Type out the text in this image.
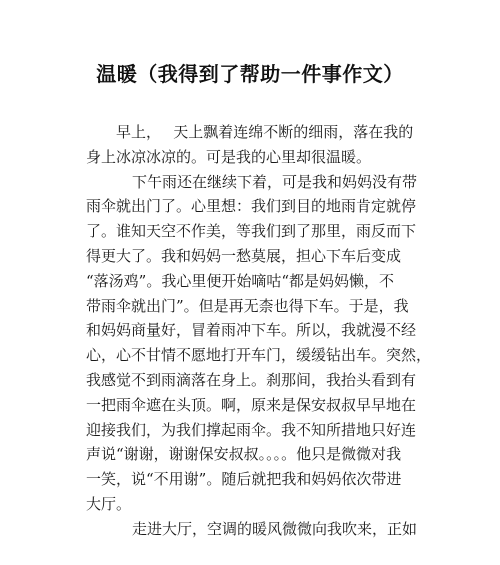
温暖（我得到了帮助一件事作文）
早上，　 天上飘着连绵不断的细雨，落在我的
身上冰凉冰凉的。可是我的心里却很温暖。
下午雨还在继续下着，可是我和妈妈没有带
雨伞就出门了。心里想：我们到目的地雨肯定就停
了。谁知天空不作美，等我们到了那里，雨反而下
得更大了。我和妈妈一愁莫展，担心下车后变成
“落汤鸡”。我心里便开始嘀咕“都是妈妈懒，不
带雨伞就出门”。但是再无柰也得下车。于是，我
和妈妈商量好，冒着雨冲下车。所以，我就漫不经
心，心不甘情不愿地打开车门，缓缓钻出车。突然，
我感觉不到雨滴落在身上。刹那间，我抬头看到有
一把雨伞遮在头顶。啊，原来是保安叔叔早早地在
迎接我们，为我们撑起雨伞。我不知所措地只好连
声说“谢谢，谢谢保安叔叔。。。。他只是微微对我
一笑，说“不用谢”。随后就把我和妈妈依次带进
大厅。
走进大厅，空调的暖风微微向我吹来，正如
